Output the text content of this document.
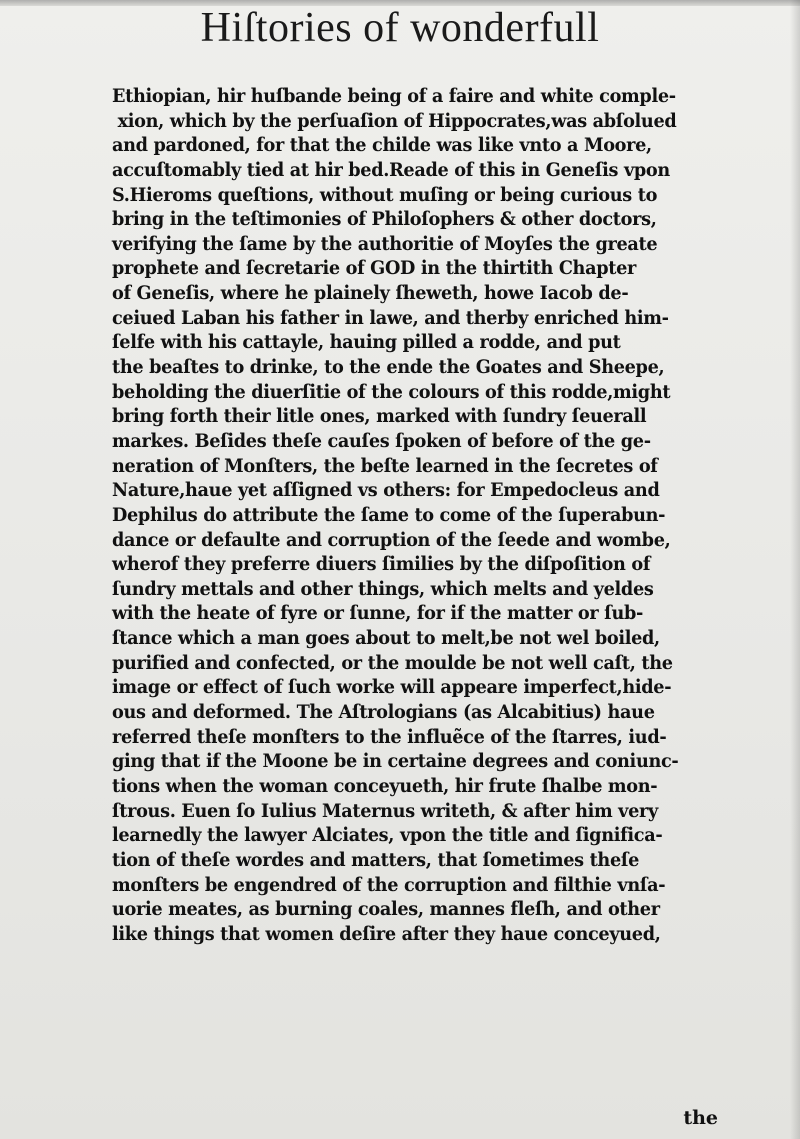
Hiſtories of wonderfull
Ethiopian, hir huſbande being of a faire and white comple-
xion, which by the perſuaſion of Hippocrates,was abſolued
and pardoned, for that the childe was like vnto a Moore,
accuſtomably tied at hir bed.Reade of this in Geneſis vpon
S.Hieroms queſtions, without muſing or being curious to
bring in the teſtimonies of Philoſophers & other doctors,
verifying the ſame by the authoritie of Moyſes the greate
prophete and ſecretarie of GOD in the thirtith Chapter
of Geneſis, where he plainely ſheweth, howe Iacob de-
ceiued Laban his father in lawe, and therby enriched him-
ſelfe with his cattayle, hauing pilled a rodde, and put
the beaſtes to drinke, to the ende the Goates and Sheepe,
beholding the diuerſitie of the colours of this rodde,might
bring forth their litle ones, marked with ſundry ſeuerall
markes. Beſides theſe cauſes ſpoken of before of the ge-
neration of Monſters, the beſte learned in the ſecretes of
Nature,haue yet aſſigned vs others: for Empedocleus and
Dephilus do attribute the ſame to come of the ſuperabun-
dance or defaulte and corruption of the ſeede and wombe,
wherof they preferre diuers ſimilies by the diſpoſition of
ſundry mettals and other things, which melts and yeldes
with the heate of fyre or ſunne, for if the matter or ſub-
ſtance which a man goes about to melt,be not wel boiled,
purified and confected, or the moulde be not well caſt, the
image or effect of ſuch worke will appeare imperfect,hide-
ous and deformed. The Aſtrologians (as Alcabitius) haue
referred theſe monſters to the influẽce of the ſtarres, iud-
ging that if the Moone be in certaine degrees and coniunc-
tions when the woman conceyueth, hir frute ſhalbe mon-
ſtrous. Euen ſo Iulius Maternus writeth, & after him very
learnedly the lawyer Alciates, vpon the title and ſignifica-
tion of theſe wordes and matters, that ſometimes theſe
monſters be engendred of the corruption and filthie vnſa-
uorie meates, as burning coales, mannes fleſh, and other
like things that women deſire after they haue conceyued,
the
